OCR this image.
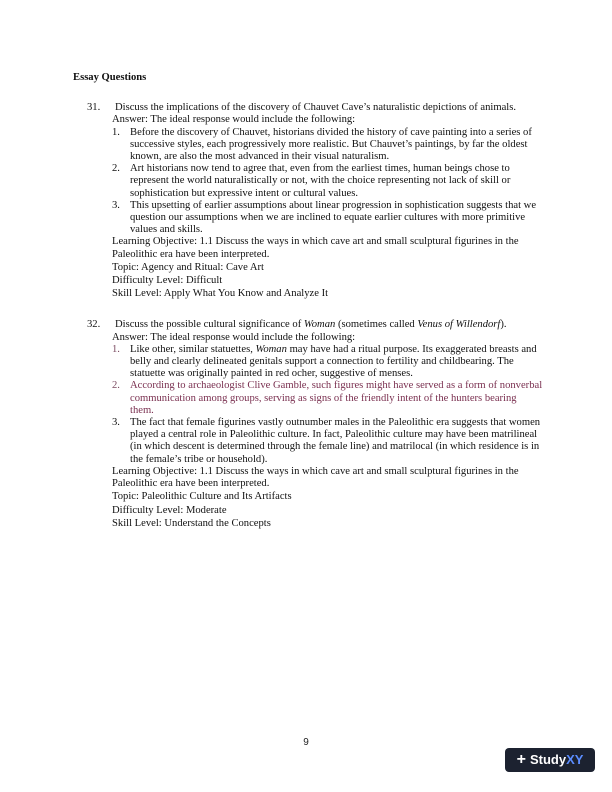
Essay Questions
31.	Discuss the implications of the discovery of Chauvet Cave’s naturalistic depictions of animals.
Answer: The ideal response would include the following:
1. Before the discovery of Chauvet, historians divided the history of cave painting into a series of successive styles, each progressively more realistic. But Chauvet’s paintings, by far the oldest known, are also the most advanced in their visual naturalism.
2. Art historians now tend to agree that, even from the earliest times, human beings chose to represent the world naturalistically or not, with the choice representing not lack of skill or sophistication but expressive intent or cultural values.
3. This upsetting of earlier assumptions about linear progression in sophistication suggests that we question our assumptions when we are inclined to equate earlier cultures with more primitive values and skills.
Learning Objective: 1.1 Discuss the ways in which cave art and small sculptural figurines in the Paleolithic era have been interpreted.
Topic: Agency and Ritual: Cave Art
Difficulty Level: Difficult
Skill Level: Apply What You Know and Analyze It
32.	Discuss the possible cultural significance of Woman (sometimes called Venus of Willendorf).
Answer: The ideal response would include the following:
1. Like other, similar statuettes, Woman may have had a ritual purpose. Its exaggerated breasts and belly and clearly delineated genitals support a connection to fertility and childbearing. The statuette was originally painted in red ocher, suggestive of menses.
2. According to archaeologist Clive Gamble, such figures might have served as a form of nonverbal communication among groups, serving as signs of the friendly intent of the hunters bearing them.
3. The fact that female figurines vastly outnumber males in the Paleolithic era suggests that women played a central role in Paleolithic culture. In fact, Paleolithic culture may have been matrilineal (in which descent is determined through the female line) and matrilocal (in which residence is in the female’s tribe or household).
Learning Objective: 1.1 Discuss the ways in which cave art and small sculptural figurines in the Paleolithic era have been interpreted.
Topic: Paleolithic Culture and Its Artifacts
Difficulty Level: Moderate
Skill Level: Understand the Concepts
9
+ Study XY
